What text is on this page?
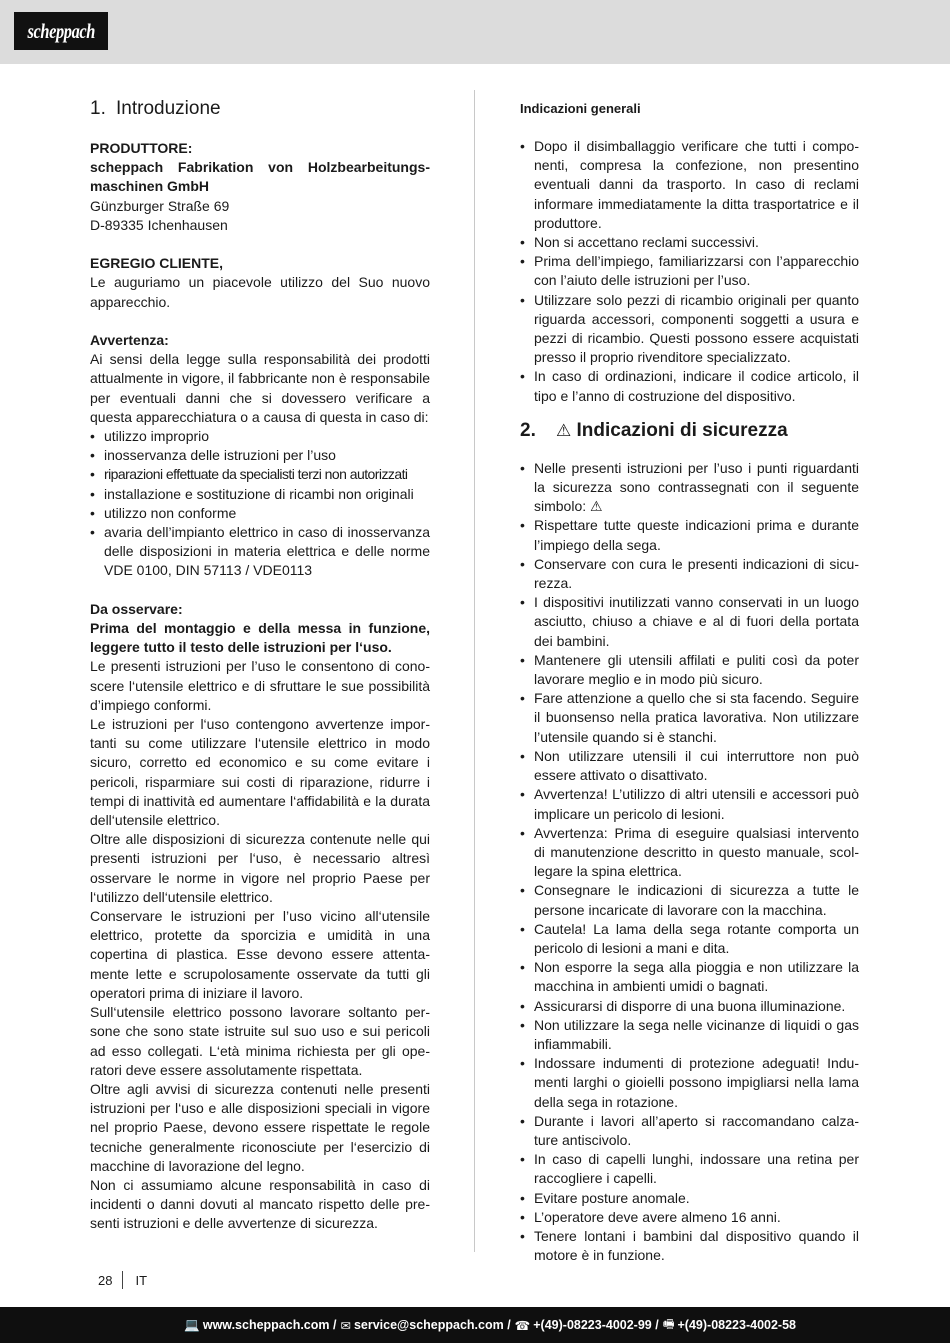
scheppach
1. Introduzione

PRODUTTORE:

scheppach Fabrikation von Holzbearbeitungsmaschinen GmbH

Günzburger Straße 69

D-89335 Ichenhausen

EGREGIO CLIENTE,

Le auguriamo un piacevole utilizzo del Suo nuovo apparecchio.

Avvertenza:

Ai sensi della legge sulla responsabilità dei prodotti attualmente in vigore, il fabbricante non è responsabile per eventuali danni che si dovessero verificare a questa apparecchiatura o a causa di questa in caso di:

• utilizzo improprio
• inosservanza delle istruzioni per l’uso
• riparazioni effettuate da specialisti terzi non autorizzati
• installazione e sostituzione di ricambi non originali
• utilizzo non conforme
• avaria dell’impianto elettrico in caso di inosservanza delle disposizioni in materia elettrica e delle norme VDE 0100, DIN 57113 / VDE0113

Da osservare:

Prima del montaggio e della messa in funzione, leggere tutto il testo delle istruzioni per l‘uso.

Le presenti istruzioni per l’uso le consentono di conoscere l‘utensile elettrico e di sfruttare le sue possibilità d’impiego conformi.

Le istruzioni per l‘uso contengono avvertenze importanti su come utilizzare l‘utensile elettrico in modo sicuro, corretto ed economico e su come evitare i pericoli, risparmiare sui costi di riparazione, ridurre i tempi di inattività ed aumentare l‘affidabilità e la durata dell‘utensile elettrico.

Oltre alle disposizioni di sicurezza contenute nelle qui presenti istruzioni per l‘uso, è necessario altresì osservare le norme in vigore nel proprio Paese per l‘utilizzo dell‘utensile elettrico.

Conservare le istruzioni per l’uso vicino all‘utensile elettrico, protette da sporcizia e umidità in una copertina di plastica. Esse devono essere attentamente lette e scrupolosamente osservate da tutti gli operatori prima di iniziare il lavoro.

Sull‘utensile elettrico possono lavorare soltanto persone che sono state istruite sul suo uso e sui pericoli ad esso collegati. L‘età minima richiesta per gli operatori deve essere assolutamente rispettata.

Oltre agli avvisi di sicurezza contenuti nelle presenti istruzioni per l‘uso e alle disposizioni speciali in vigore nel proprio Paese, devono essere rispettate le regole tecniche generalmente riconosciute per l‘esercizio di macchine di lavorazione del legno.

Non ci assumiamo alcune responsabilità in caso di incidenti o danni dovuti al mancato rispetto delle presenti istruzioni e delle avvertenze di sicurezza.

Indicazioni generali

• Dopo il disimballaggio verificare che tutti i componenti, compresa la confezione, non presentino eventuali danni da trasporto. In caso di reclami informare immediatamente la ditta trasportatrice e il produttore.
• Non si accettano reclami successivi.
• Prima dell’impiego, familiarizzarsi con l’apparecchio con l’aiuto delle istruzioni per l’uso.
• Utilizzare solo pezzi di ricambio originali per quanto riguarda accessori, componenti soggetti a usura e pezzi di ricambio. Questi possono essere acquistati presso il proprio rivenditore specializzato.
• In caso di ordinazioni, indicare il codice articolo, il tipo e l’anno di costruzione del dispositivo.
2. ⚠ Indicazioni di sicurezza
• Nelle presenti istruzioni per l’uso i punti riguardanti la sicurezza sono contrassegnati con il seguente simbolo: ⚠
• Rispettare tutte queste indicazioni prima e durante l’impiego della sega.
• Conservare con cura le presenti indicazioni di sicurezza.
• I dispositivi inutilizzati vanno conservati in un luogo asciutto, chiuso a chiave e al di fuori della portata dei bambini.
• Mantenere gli utensili affilati e puliti così da poter lavorare meglio e in modo più sicuro.
• Fare attenzione a quello che si sta facendo. Seguire il buonsenso nella pratica lavorativa. Non utilizzare l’utensile quando si è stanchi.
• Non utilizzare utensili il cui interruttore non può essere attivato o disattivato.
• Avvertenza! L’utilizzo di altri utensili e accessori può implicare un pericolo di lesioni.
• Avvertenza: Prima di eseguire qualsiasi intervento di manutenzione descritto in questo manuale, scollegare la spina elettrica.
• Consegnare le indicazioni di sicurezza a tutte le persone incaricate di lavorare con la macchina.
• Cautela! La lama della sega rotante comporta un pericolo di lesioni a mani e dita.
• Non esporre la sega alla pioggia e non utilizzare la macchina in ambienti umidi o bagnati.
• Assicurarsi di disporre di una buona illuminazione.
• Non utilizzare la sega nelle vicinanze di liquidi o gas infiammabili.
• Indossare indumenti di protezione adeguati! Indumenti larghi o gioielli possono impigliarsi nella lama della sega in rotazione.
• Durante i lavori all’aperto si raccomandano calzature antiscivolo.
• In caso di capelli lunghi, indossare una retina per raccogliere i capelli.
• Evitare posture anomale.
• L’operatore deve avere almeno 16 anni.
• Tenere lontani i bambini dal dispositivo quando il motore è in funzione.
28 IT
💻 www.scheppach.com / ✉ service@scheppach.com / ☎ +(49)-08223-4002-99 / 🖷 +(49)-08223-4002-58
